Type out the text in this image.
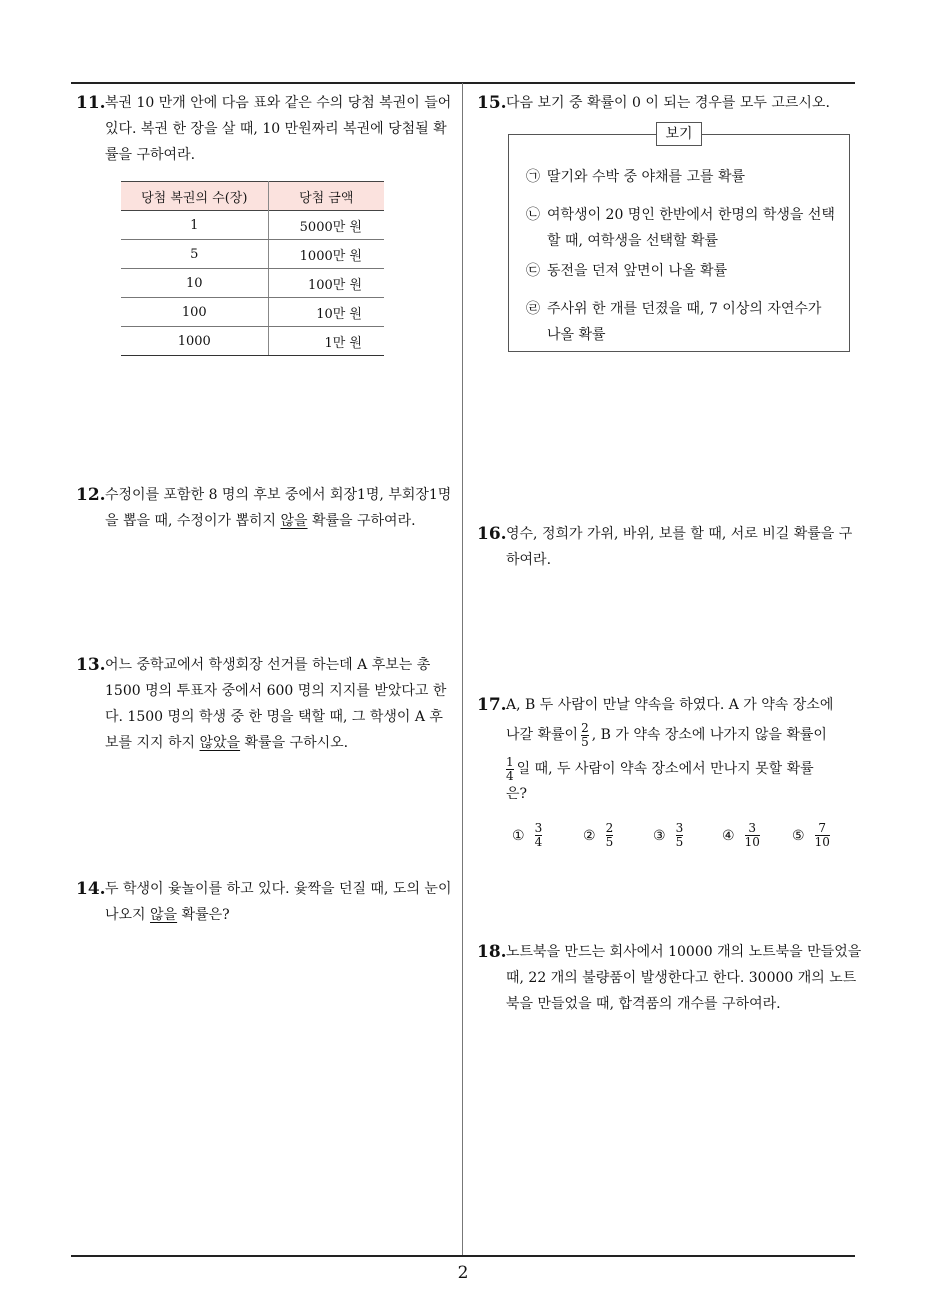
11. 복권 10 만개 안에 다음 표와 같은 수의 당첨 복권이 들어 있다. 복권 한 장을 살 때, 10 만원짜리 복권에 당첨될 확률을 구하여라.
당첨 복권의 수(장)	당첨 금액
1	5000만 원
5	1000만 원
10	100만 원
100	10만 원
1000	1만 원
12. 수정이를 포함한 8 명의 후보 중에서 회장1명, 부회장1명을 뽑을 때, 수정이가 뽑히지 않을 확률을 구하여라.
13. 어느 중학교에서 학생회장 선거를 하는데 A 후보는 총 1500 명의 투표자 중에서 600 명의 지지를 받았다고 한다. 1500 명의 학생 중 한 명을 택할 때, 그 학생이 A 후보를 지지 하지 않았을 확률을 구하시오.
14. 두 학생이 윷놀이를 하고 있다. 윷짝을 던질 때, 도의 눈이 나오지 않을 확률은?
15. 다음 보기 중 확률이 0 이 되는 경우를 모두 고르시오.
보기
㉠ 딸기와 수박 중 야채를 고를 확률
㉡ 여학생이 20 명인 한반에서 한명의 학생을 선택 할 때, 여학생을 선택할 확률
㉢ 동전을 던져 앞면이 나올 확률
㉣ 주사위 한 개를 던졌을 때, 7 이상의 자연수가 나올 확률
16. 영수, 정희가 가위, 바위, 보를 할 때, 서로 비길 확률을 구하여라.
17. A, B 두 사람이 만날 약속을 하였다. A 가 약속 장소에
나갈 확률이 $\frac{2}{5}$ , B 가 약속 장소에 나가지 않을 확률이
$\frac{1}{4}$ 일 때, 두 사람이 약속 장소에서 만나지 못할 확률
은?
① $\frac{3}{4}$	② $\frac{2}{5}$	③ $\frac{3}{5}$	④ $\frac{3}{10}$ ⑤ $\frac{7}{10}$
18. 노트북을 만드는 회사에서 10000 개의 노트북을 만들었을 때, 22 개의 불량품이 발생한다고 한다. 30000 개의 노트북을 만들었을 때, 합격품의 개수를 구하여라.
2
